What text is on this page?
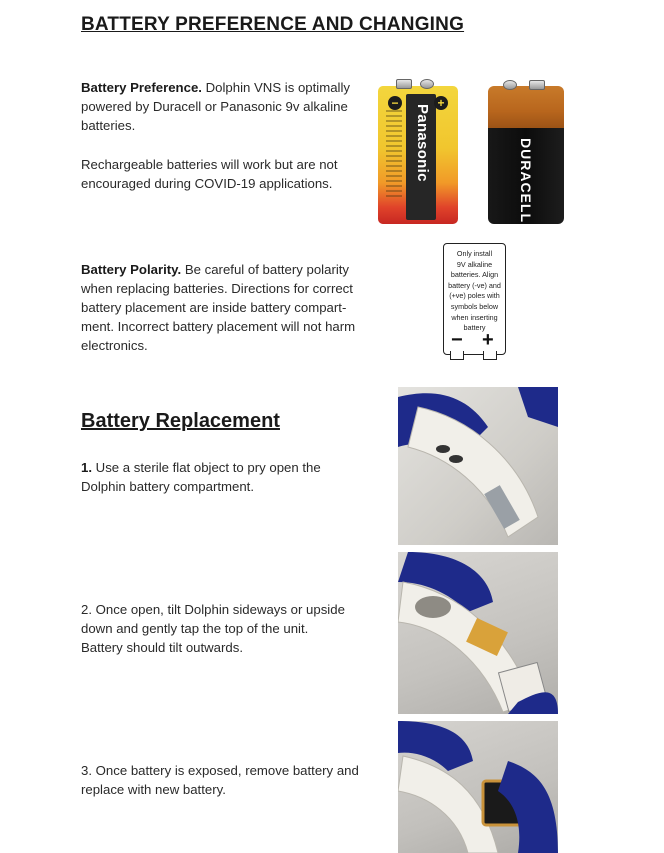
BATTERY PREFERENCE AND CHANGING
Battery Preference. Dolphin VNS is optimally powered by Duracell or Panasonic 9v alkaline batteries.
Rechargeable batteries will work but are not encouraged during COVID-19 applications.
Panasonic
−	+
DURACELL
Battery Polarity. Be careful of battery polarity when replacing batteries. Directions for correct battery placement are inside battery compart-ment. Incorrect battery placement will not harm electronics.
Only install
9V alkaline
batteries. Align
battery (-ve) and
(+ve) poles with
symbols below
when inserting
battery
− +
Battery Replacement
1. Use a sterile flat object to pry open the Dolphin battery compartment.
2. Once open, tilt Dolphin sideways or upside down and gently tap the top of the unit. Battery should tilt outwards.
3. Once battery is exposed, remove battery and replace with new battery.
